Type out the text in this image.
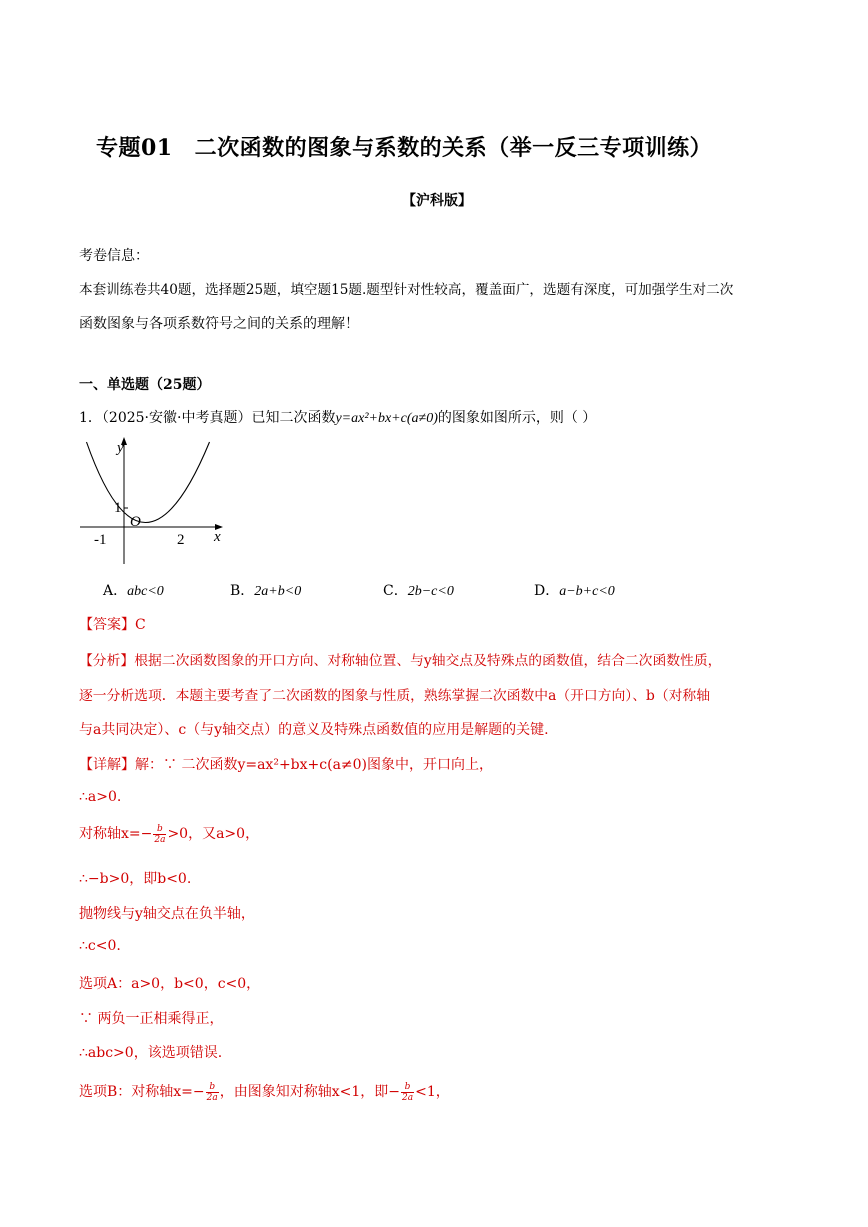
专题01 二次函数的图象与系数的关系（举一反三专项训练）
【沪科版】
考卷信息：
本套训练卷共40题，选择题25题，填空题15题.题型针对性较高，覆盖面广，选题有深度，可加强学生对二次
函数图象与各项系数符号之间的关系的理解！
一、单选题（25题）
1．（2025·安徽·中考真题）已知二次函数y=ax²+bx+c(a≠0)的图象如图所示，则（ ）
y
x
1
O
-1	2
A．abc<0	B．2a+b<0	C．2b−c<0	D．a−b+c<0
【答案】C
【分析】根据二次函数图象的开口方向、对称轴位置、与y轴交点及特殊点的函数值，结合二次函数性质，
逐一分析选项．本题主要考查了二次函数的图象与性质，熟练掌握二次函数中a（开口方向）、b（对称轴
与a共同决定）、c（与y轴交点）的意义及特殊点函数值的应用是解题的关键.
【详解】解：∵ 二次函数y=ax²+bx+c(a≠0)图象中，开口向上，
∴a>0.
对称轴$x=- \frac{b}{2a} >0$，又a>0，
∴−b>0，即b<0.
抛物线与y轴交点在负半轴，
∴c<0.
选项A：a>0，b<0，c<0，
∵ 两负一正相乘得正，
∴abc>0，该选项错误.
选项B：对称轴$x=- \frac{b}{2a}$ ，由图象知对称轴x<1，即− $\frac{b}{2a} <1$，
